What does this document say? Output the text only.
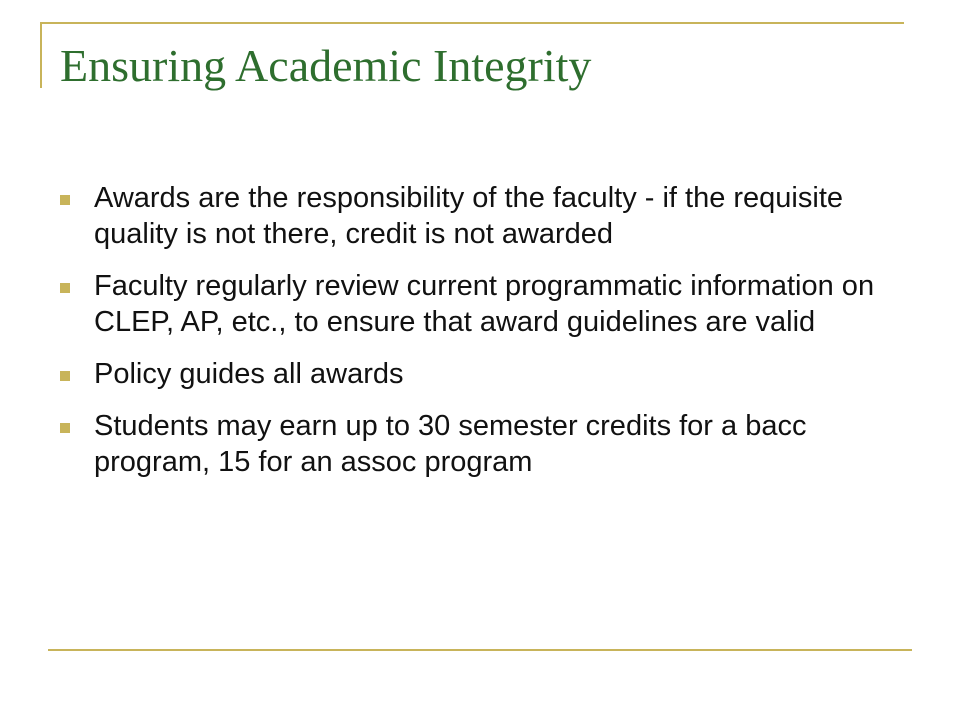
Ensuring Academic Integrity
Awards are the responsibility of the faculty - if the requisite quality is not there, credit is not awarded
Faculty regularly review current programmatic information on CLEP, AP, etc., to ensure that award guidelines are valid
Policy guides all awards
Students may earn up to 30 semester credits for a bacc program, 15 for an assoc program
